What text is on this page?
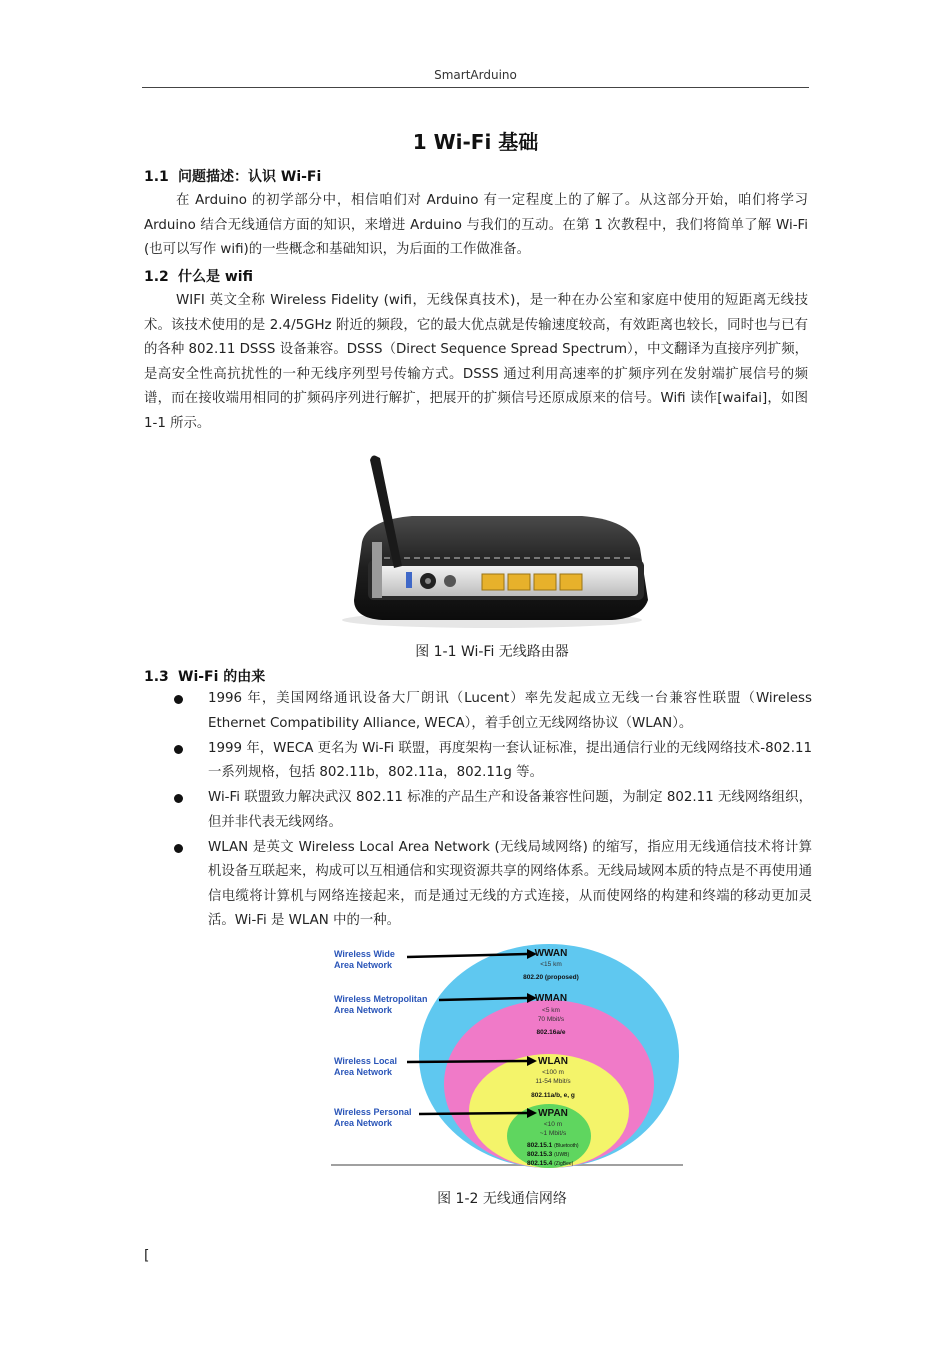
SmartArduino
1 Wi-Fi 基础
1.1 问题描述：认识 Wi-Fi

在 Arduino 的初学部分中，相信咱们对 Arduino 有一定程度上的了解了。从这部分开始，咱们将学习 Arduino 结合无线通信方面的知识，来增进 Arduino 与我们的互动。在第 1 次教程中，我们将简单了解 Wi-Fi (也可以写作 wifi)的一些概念和基础知识，为后面的工作做准备。

1.2 什么是 wifi

WIFI 英文全称 Wireless Fidelity (wifi，无线保真技术)，是一种在办公室和家庭中使用的短距离无线技术。该技术使用的是 2.4/5GHz 附近的频段，它的最大优点就是传输速度较高，有效距离也较长，同时也与已有的各种 802.11 DSSS 设备兼容。DSSS（Direct Sequence Spread Spectrum），中文翻译为直接序列扩频，是高安全性高抗扰性的一种无线序列型号传输方式。DSSS 通过利用高速率的扩频序列在发射端扩展信号的频谱，而在接收端用相同的扩频码序列进行解扩，把展开的扩频信号还原成原来的信号。Wifi 读作[waifai]，如图 1-1 所示。

图 1-1 Wi-Fi 无线路由器
1.3 Wi-Fi 的由来
1996 年，美国网络通讯设备大厂朗讯（Lucent）率先发起成立无线一台兼容性联盟（Wireless Ethernet Compatibility Alliance, WECA），着手创立无线网络协议（WLAN）。
1999 年，WECA 更名为 Wi-Fi 联盟，再度架构一套认证标准，提出通信行业的无线网络技术-802.11 一系列规格，包括 802.11b，802.11a，802.11g 等。
Wi-Fi 联盟致力解决武汉 802.11 标准的产品生产和设备兼容性问题，为制定 802.11 无线网络组织，但并非代表无线网络。
WLAN 是英文 Wireless Local Area Network (无线局域网络) 的缩写，指应用无线通信技术将计算机设备互联起来，构成可以互相通信和实现资源共享的网络体系。无线局域网本质的特点是不再使用通信电缆将计算机与网络连接起来，而是通过无线的方式连接，从而使网络的构建和终端的移动更加灵活。Wi-Fi 是 WLAN 中的一种。
Wireless Wide
Area Network
WWAN
<15 km
802.20 (proposed)
Wireless Metropolitan
Area Network
WMAN
<5 km
70 Mbit/s
802.16a/e
Wireless Local
Area Network
WLAN
<100 m
11-54 Mbit/s
802.11a/b, e, g
Wireless Personal
Area Network
WPAN
<10 m
~1 Mbit/s
802.15.1 (Bluetooth)
802.15.3 (UWB)
802.15.4 (ZigBee)
图 1-2 无线通信网络
[
